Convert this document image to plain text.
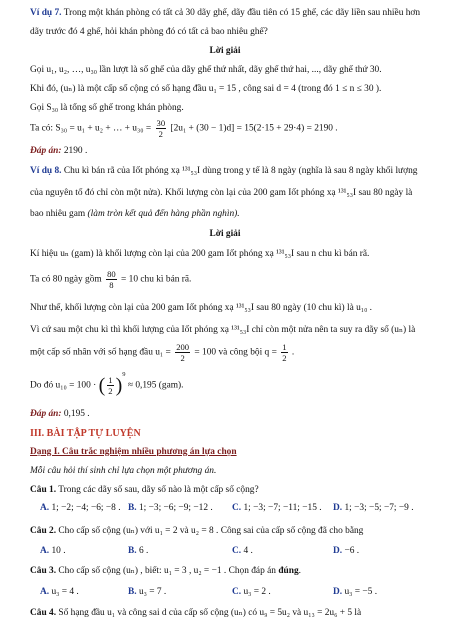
Ví dụ 7. Trong một khán phòng có tất cả 30 dãy ghế, dãy đầu tiên có 15 ghế, các dãy liền sau nhiều hơn
dãy trước đó 4 ghế, hỏi khán phòng đó có tất cả bao nhiêu ghế?
Lời giải
Gọi u₁, u₂, …, u₃₀ lần lượt là số ghế của dãy ghế thứ nhất, dãy ghế thứ hai, ..., dãy ghế thứ 30.
Khi đó, (uₙ) là một cấp số cộng có số hạng đầu u₁ = 15 , công sai d = 4 (trong đó 1 ≤ n ≤ 30 ).
Gọi S₃₀ là tổng số ghế trong khán phòng.
Ta có: S₃₀ = u₁ + u₂ + … + $u_{30} = \frac{30}{2} [2u_1 + (30 - 1)d] = 15(2\cdot 15 + 29\cdot 4) = 2190$ .
Đáp án: 2190 .
Ví dụ 8. Chu kì bán rã của Iốt phóng xạ ¹³¹₅₃I dùng trong y tế là 8 ngày (nghĩa là sau 8 ngày khối lượng
của nguyên tố đó chỉ còn một nửa). Khối lượng còn lại của 200 gam Iốt phóng xạ ¹³¹₅₃I sau 80 ngày là
bao nhiêu gam (làm tròn kết quả đến hàng phần nghìn).
Lời giải
Kí hiệu uₙ (gam) là khối lượng còn lại của 200 gam Iốt phóng xạ ¹³¹₅₃I sau n chu kì bán rã.
Ta có 80 ngày gồm $\frac{80}{8} = 10$ chu kì bán rã.
Như thế, khối lượng còn lại của 200 gam Iốt phóng xạ ¹³¹₅₃I sau 80 ngày (10 chu kì) là u₁₀ .
Vì cứ sau một chu kì thì khối lượng của Iốt phóng xạ ¹³¹₅₃I chỉ còn một nửa nên ta suy ra dãy số (uₙ) là
một cấp số nhân với số hạng đầu $u_1 = \frac{200}{2} = 100$ và công bội $q = \frac{1}{2}$ .
Do đó u₁₀ = 100 · ( $\frac{1}{2} )^9 \approx 0,195$ (gam).
Đáp án: 0,195 .
III. BÀI TẬP TỰ LUYỆN
Dạng I. Câu trắc nghiệm nhiều phương án lựa chọn
Mỗi câu hỏi thí sinh chỉ lựa chọn một phương án.
Câu 1. Trong các dãy số sau, dãy số nào là một cấp số cộng?
A. 1; −2; −4; −6; −8 . B. 1; −3; −6; −9; −12 . C. 1; −3; −7; −11; −15 . D. 1; −3; −5; −7; −9 .
Câu 2. Cho cấp số cộng (uₙ) với u₁ = 2 và u₂ = 8 . Công sai của cấp số cộng đã cho bằng
A. 10 .	B. 6 .	C. 4 .	D. −6 .
Câu 3. Cho cấp số cộng (uₙ) , biết: u₁ = 3 , u₂ = −1 . Chọn đáp án đúng.
A. u₃ = 4 .	B. u₃ = 7 .	C. u₃ = 2 .	D. u₃ = −5 .
Câu 4. Số hạng đầu u₁ và công sai d của cấp số cộng (uₙ) có u₉ = 5u₂ và u₁₃ = 2u₆ + 5 là
